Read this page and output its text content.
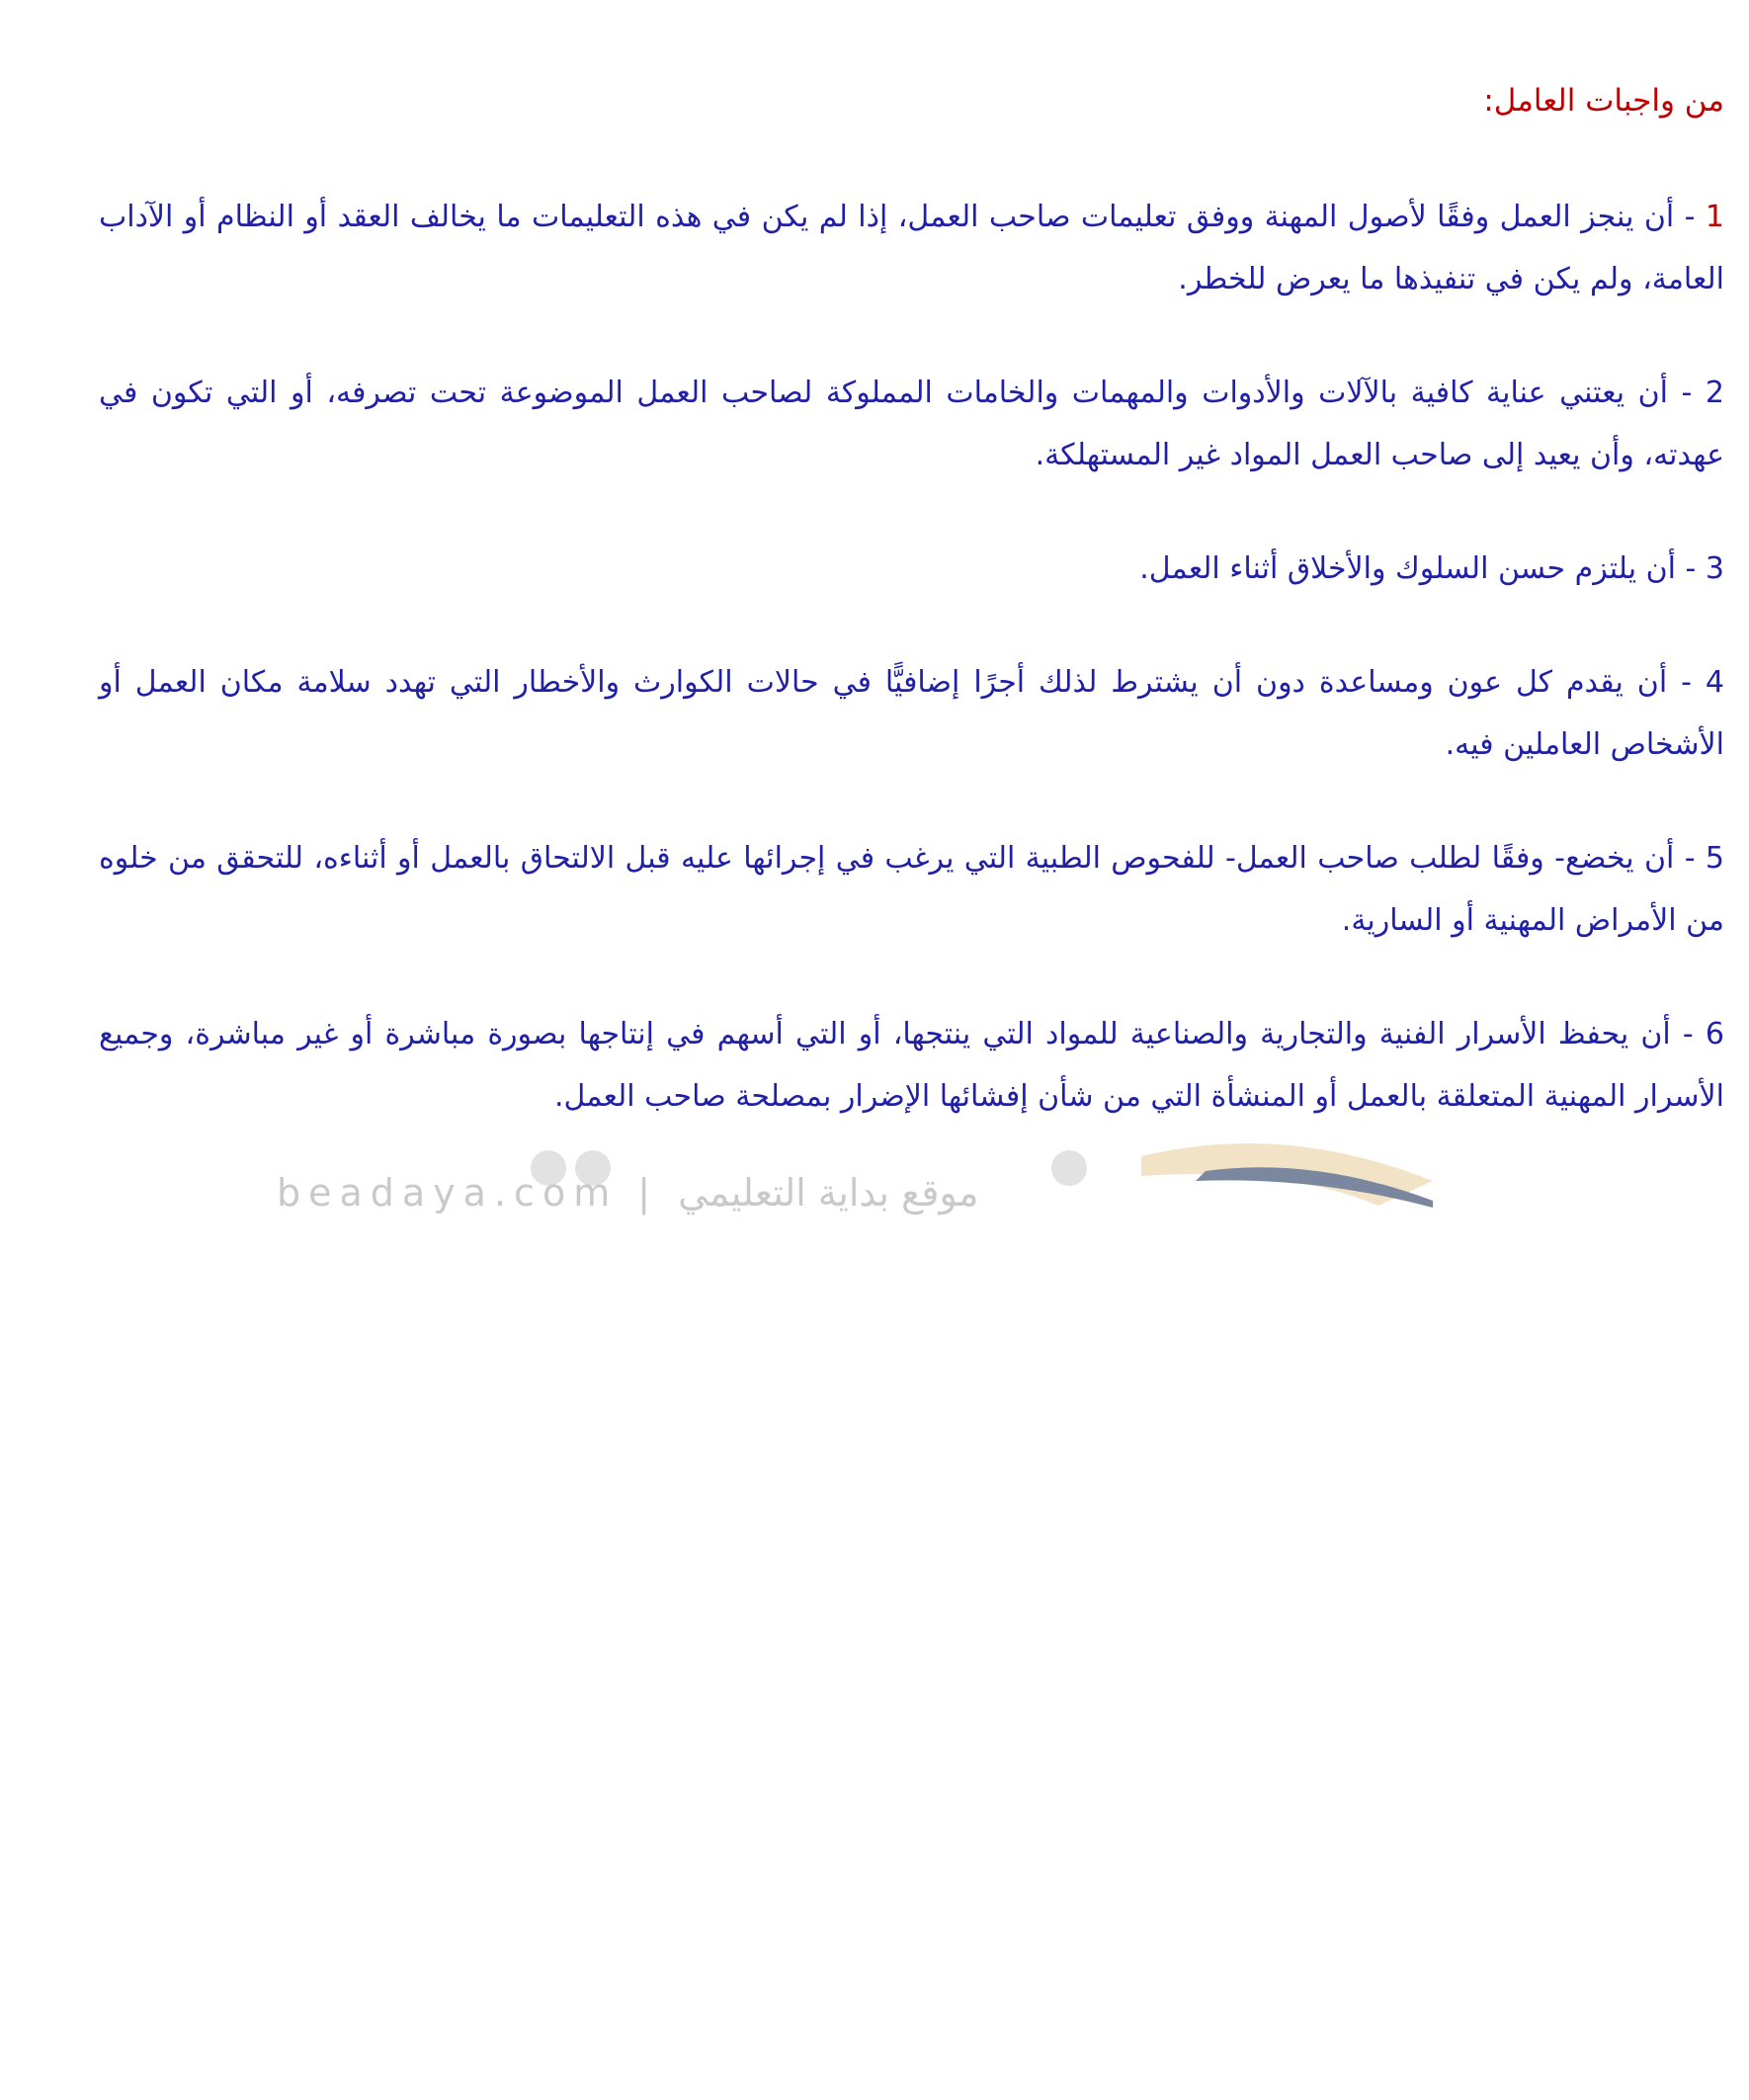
من واجبات العامل:
1 - أن ينجز العمل وفقًا لأصول المهنة ووفق تعليمات صاحب العمل، إذا لم يكن في هذه التعليمات ما يخالف العقد أو النظام أو الآداب العامة، ولم يكن في تنفيذها ما يعرض للخطر.
2 - أن يعتني عناية كافية بالآلات والأدوات والمهمات والخامات المملوكة لصاحب العمل الموضوعة تحت تصرفه، أو التي تكون في عهدته، وأن يعيد إلى صاحب العمل المواد غير المستهلكة.
3 - أن يلتزم حسن السلوك والأخلاق أثناء العمل.
4 - أن يقدم كل عون ومساعدة دون أن يشترط لذلك أجرًا إضافيًّا في حالات الكوارث والأخطار التي تهدد سلامة مكان العمل أو الأشخاص العاملين فيه.
5 - أن يخضع- وفقًا لطلب صاحب العمل- للفحوص الطبية التي يرغب في إجرائها عليه قبل الالتحاق بالعمل أو أثناءه، للتحقق من خلوه من الأمراض المهنية أو السارية.
6 - أن يحفظ الأسرار الفنية والتجارية والصناعية للمواد التي ينتجها، أو التي أسهم في إنتاجها بصورة مباشرة أو غير مباشرة، وجميع الأسرار المهنية المتعلقة بالعمل أو المنشأة التي من شأن إفشائها الإضرار بمصلحة صاحب العمل.
beadaya.com | موقع بداية التعليمي
